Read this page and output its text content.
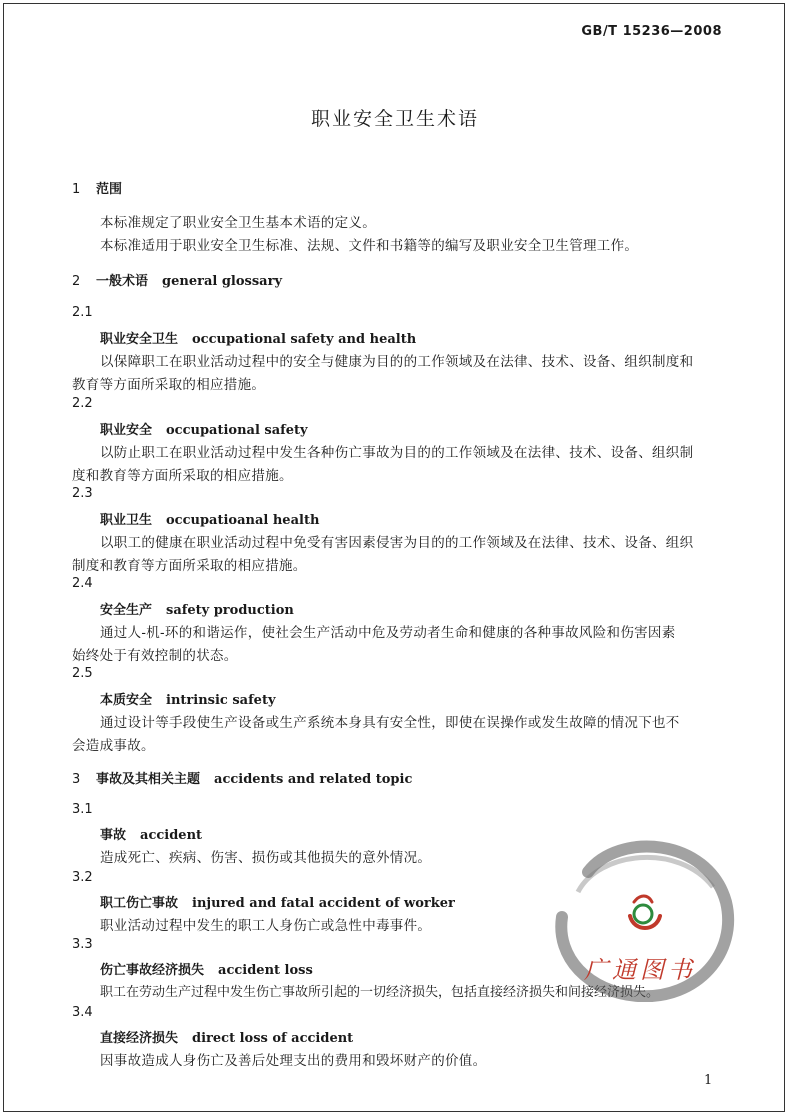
GB/T 15236—2008
职业安全卫生术语
1 范围
本标准规定了职业安全卫生基本术语的定义。
本标准适用于职业安全卫生标准、法规、文件和书籍等的编写及职业安全卫生管理工作。
2 一般术语 general glossary
2.1
职业安全卫生 occupational safety and health
以保障职工在职业活动过程中的安全与健康为目的的工作领域及在法律、技术、设备、组织制度和
教育等方面所采取的相应措施。
2.2
职业安全 occupational safety
以防止职工在职业活动过程中发生各种伤亡事故为目的的工作领域及在法律、技术、设备、组织制
度和教育等方面所采取的相应措施。
2.3
职业卫生 occupatioanal health
以职工的健康在职业活动过程中免受有害因素侵害为目的的工作领域及在法律、技术、设备、组织
制度和教育等方面所采取的相应措施。
2.4
安全生产 safety production
通过人-机-环的和谐运作，使社会生产活动中危及劳动者生命和健康的各种事故风险和伤害因素
始终处于有效控制的状态。
2.5
本质安全 intrinsic safety
通过设计等手段使生产设备或生产系统本身具有安全性，即使在误操作或发生故障的情况下也不
会造成事故。
3 事故及其相关主题 accidents and related topic
3.1
事故 accident
造成死亡、疾病、伤害、损伤或其他损失的意外情况。
3.2
职工伤亡事故 injured and fatal accident of worker
职业活动过程中发生的职工人身伤亡或急性中毒事件。
3.3
伤亡事故经济损失 accident loss
职工在劳动生产过程中发生伤亡事故所引起的一切经济损失，包括直接经济损失和间接经济损失。
3.4
直接经济损失 direct loss of accident
因事故造成人身伤亡及善后处理支出的费用和毁坏财产的价值。
广通图书
1
